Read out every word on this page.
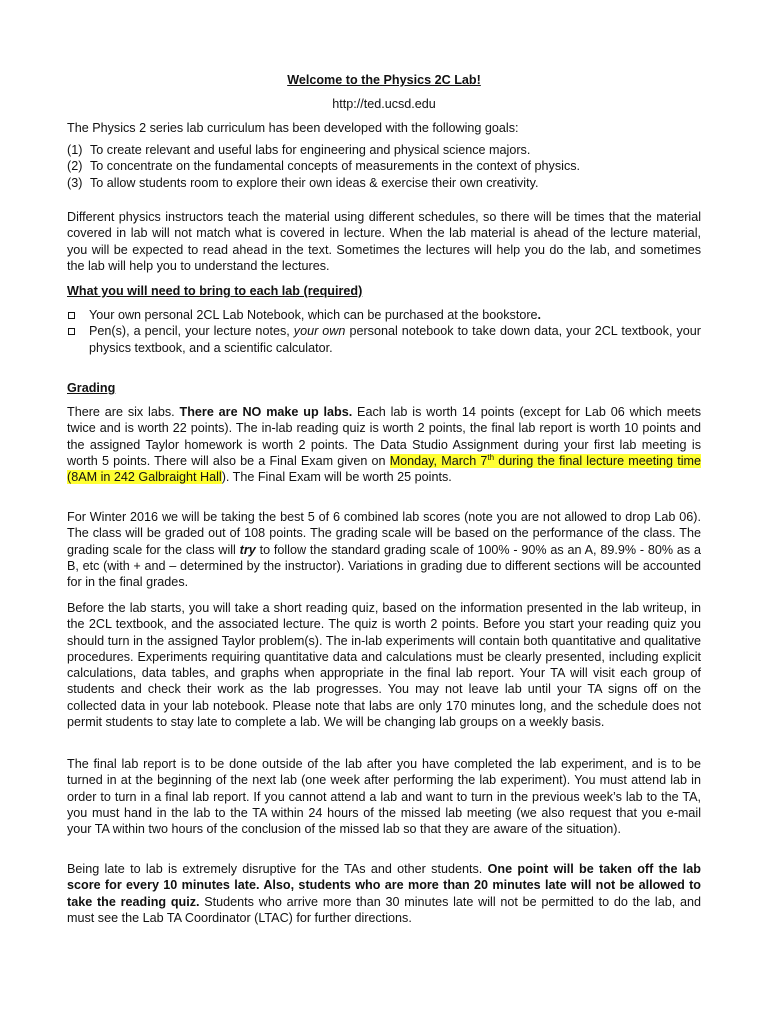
Welcome to the Physics 2C Lab!

http://ted.ucsd.edu

The Physics 2 series lab curriculum has been developed with the following goals:

(1) To create relevant and useful labs for engineering and physical science majors.
(2) To concentrate on the fundamental concepts of measurements in the context of physics.
(3) To allow students room to explore their own ideas & exercise their own creativity.

Different physics instructors teach the material using different schedules, so there will be times that the material covered in lab will not match what is covered in lecture. When the lab material is ahead of the lecture material, you will be expected to read ahead in the text. Sometimes the lectures will help you do the lab, and sometimes the lab will help you to understand the lectures.

What you will need to bring to each lab (required)

Your own personal 2CL Lab Notebook, which can be purchased at the bookstore.
Pen(s), a pencil, your lecture notes, your own personal notebook to take down data, your 2CL textbook, your physics textbook, and a scientific calculator.

Grading

There are six labs. There are NO make up labs. Each lab is worth 14 points (except for Lab 06 which meets twice and is worth 22 points). The in-lab reading quiz is worth 2 points, the final lab report is worth 10 points and the assigned Taylor homework is worth 2 points. The Data Studio Assignment during your first lab meeting is worth 5 points. There will also be a Final Exam given on Monday, March 7th during the final lecture meeting time (8AM in 242 Galbraight Hall). The Final Exam will be worth 25 points.

For Winter 2016 we will be taking the best 5 of 6 combined lab scores (note you are not allowed to drop Lab 06). The class will be graded out of 108 points. The grading scale will be based on the performance of the class. The grading scale for the class will try to follow the standard grading scale of 100% - 90% as an A, 89.9% - 80% as a B, etc (with + and – determined by the instructor). Variations in grading due to different sections will be accounted for in the final grades.

Before the lab starts, you will take a short reading quiz, based on the information presented in the lab writeup, in the 2CL textbook, and the associated lecture. The quiz is worth 2 points. Before you start your reading quiz you should turn in the assigned Taylor problem(s). The in-lab experiments will contain both quantitative and qualitative procedures. Experiments requiring quantitative data and calculations must be clearly presented, including explicit calculations, data tables, and graphs when appropriate in the final lab report. Your TA will visit each group of students and check their work as the lab progresses. You may not leave lab until your TA signs off on the collected data in your lab notebook. Please note that labs are only 170 minutes long, and the schedule does not permit students to stay late to complete a lab. We will be changing lab groups on a weekly basis.

The final lab report is to be done outside of the lab after you have completed the lab experiment, and is to be turned in at the beginning of the next lab (one week after performing the lab experiment). You must attend lab in order to turn in a final lab report. If you cannot attend a lab and want to turn in the previous week’s lab to the TA, you must hand in the lab to the TA within 24 hours of the missed lab meeting (we also request that you e-mail your TA within two hours of the conclusion of the missed lab so that they are aware of the situation).

Being late to lab is extremely disruptive for the TAs and other students. One point will be taken off the lab score for every 10 minutes late. Also, students who are more than 20 minutes late will not be allowed to take the reading quiz. Students who arrive more than 30 minutes late will not be permitted to do the lab, and must see the Lab TA Coordinator (LTAC) for further directions.
